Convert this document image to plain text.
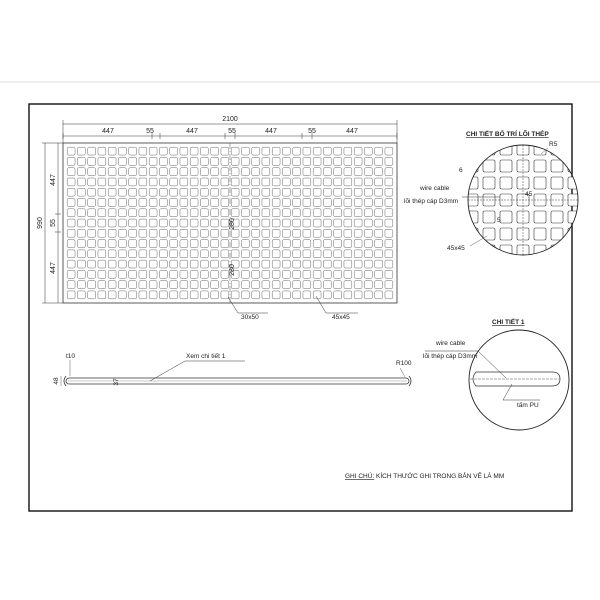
2100
447	55	447	55	447	55	447
990
447
55
447
280
280
30x50	45x45
t10
48	37
Xem chi tiết 1
R100
CHI TIẾT BỐ TRÍ LÕI THÉP
wire cable
lõi thép cáp D3mm
R5
45x45
6
45
5
CHI TIẾT 1
wire cable
lõi thép cáp D3mm
tấm PU
GHI CHÚ: KÍCH THƯỚC GHI TRONG BẢN VẼ LÀ MM
